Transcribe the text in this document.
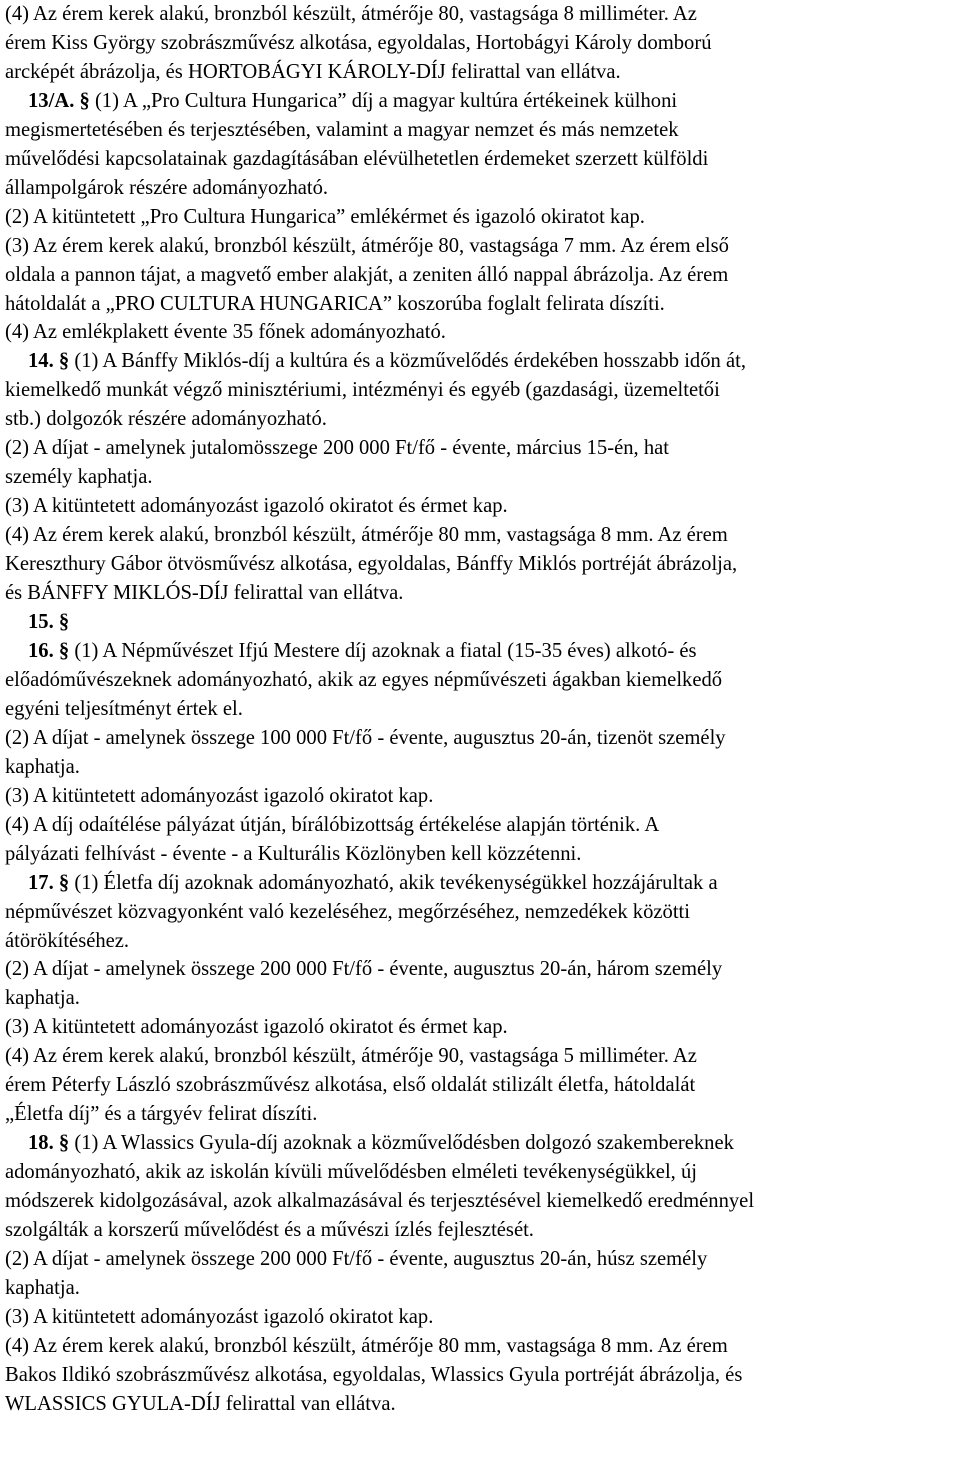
(4) Az érem kerek alakú, bronzból készült, átmérője 80, vastagsága 8 milliméter. Az
érem Kiss György szobrászművész alkotása, egyoldalas, Hortobágyi Károly domború
arcképét ábrázolja, és HORTOBÁGYI KÁROLY-DÍJ felirattal van ellátva.
13/A. § (1) A „Pro Cultura Hungarica” díj a magyar kultúra értékeinek külhoni
megismertetésében és terjesztésében, valamint a magyar nemzet és más nemzetek
művelődési kapcsolatainak gazdagításában elévülhetetlen érdemeket szerzett külföldi
állampolgárok részére adományozható.
(2) A kitüntetett „Pro Cultura Hungarica” emlékérmet és igazoló okiratot kap.
(3) Az érem kerek alakú, bronzból készült, átmérője 80, vastagsága 7 mm. Az érem első
oldala a pannon tájat, a magvető ember alakját, a zeniten álló nappal ábrázolja. Az érem
hátoldalát a „PRO CULTURA HUNGARICA” koszorúba foglalt felirata díszíti.
(4) Az emlékplakett évente 35 főnek adományozható.
14. § (1) A Bánffy Miklós-díj a kultúra és a közművelődés érdekében hosszabb időn át,
kiemelkedő munkát végző minisztériumi, intézményi és egyéb (gazdasági, üzemeltetői
stb.) dolgozók részére adományozható.
(2) A díjat - amelynek jutalomösszege 200 000 Ft/fő - évente, március 15-én, hat
személy kaphatja.
(3) A kitüntetett adományozást igazoló okiratot és érmet kap.
(4) Az érem kerek alakú, bronzból készült, átmérője 80 mm, vastagsága 8 mm. Az érem
Kereszthury Gábor ötvösművész alkotása, egyoldalas, Bánffy Miklós portréját ábrázolja,
és BÁNFFY MIKLÓS-DÍJ felirattal van ellátva.
15. §
16. § (1) A Népművészet Ifjú Mestere díj azoknak a fiatal (15-35 éves) alkotó- és
előadóművészeknek adományozható, akik az egyes népművészeti ágakban kiemelkedő
egyéni teljesítményt értek el.
(2) A díjat - amelynek összege 100 000 Ft/fő - évente, augusztus 20-án, tizenöt személy
kaphatja.
(3) A kitüntetett adományozást igazoló okiratot kap.
(4) A díj odaítélése pályázat útján, bírálóbizottság értékelése alapján történik. A
pályázati felhívást - évente - a Kulturális Közlönyben kell közzétenni.
17. § (1) Életfa díj azoknak adományozható, akik tevékenységükkel hozzájárultak a
népművészet közvagyonként való kezeléséhez, megőrzéséhez, nemzedékek közötti
átörökítéséhez.
(2) A díjat - amelynek összege 200 000 Ft/fő - évente, augusztus 20-án, három személy
kaphatja.
(3) A kitüntetett adományozást igazoló okiratot és érmet kap.
(4) Az érem kerek alakú, bronzból készült, átmérője 90, vastagsága 5 milliméter. Az
érem Péterfy László szobrászművész alkotása, első oldalát stilizált életfa, hátoldalát
„Életfa díj” és a tárgyév felirat díszíti.
18. § (1) A Wlassics Gyula-díj azoknak a közművelődésben dolgozó szakembereknek
adományozható, akik az iskolán kívüli művelődésben elméleti tevékenységükkel, új
módszerek kidolgozásával, azok alkalmazásával és terjesztésével kiemelkedő eredménnyel
szolgálták a korszerű művelődést és a művészi ízlés fejlesztését.
(2) A díjat - amelynek összege 200 000 Ft/fő - évente, augusztus 20-án, húsz személy
kaphatja.
(3) A kitüntetett adományozást igazoló okiratot kap.
(4) Az érem kerek alakú, bronzból készült, átmérője 80 mm, vastagsága 8 mm. Az érem
Bakos Ildikó szobrászművész alkotása, egyoldalas, Wlassics Gyula portréját ábrázolja, és
WLASSICS GYULA-DÍJ felirattal van ellátva.
